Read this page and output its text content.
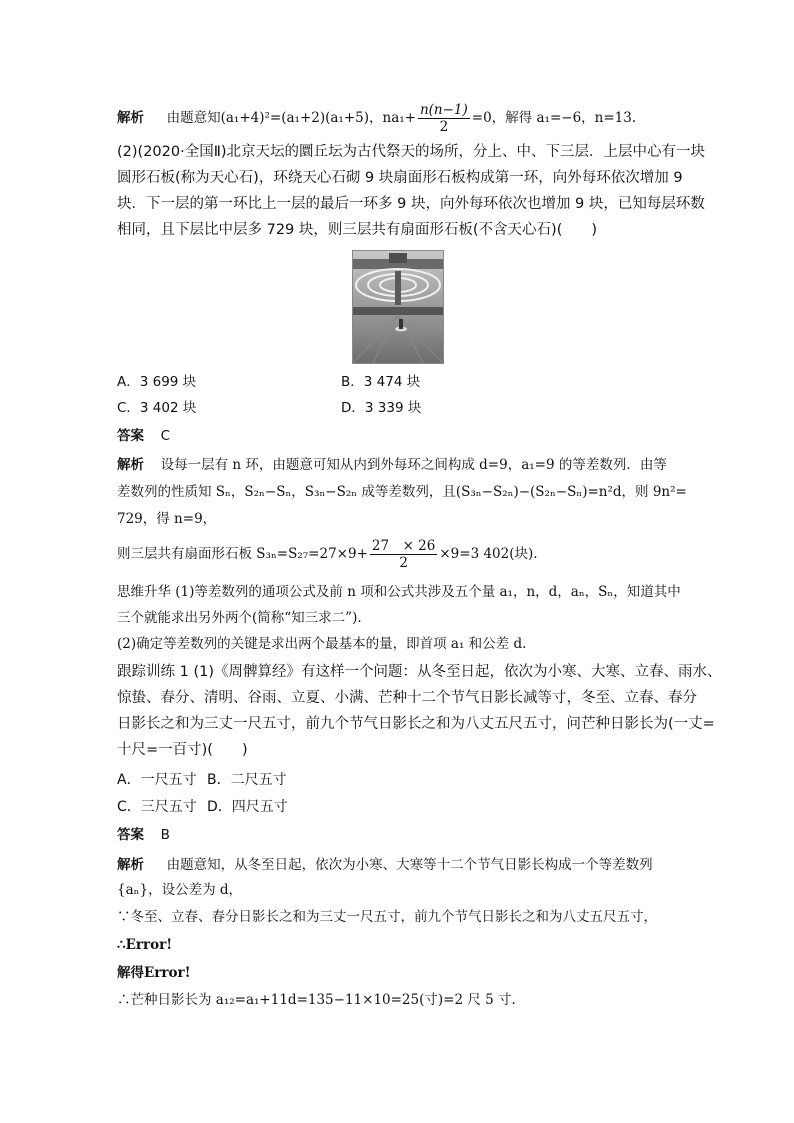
解析 由题意知(a₁+4)²=(a₁+2)(a₁+5)，$na_1+ \frac{n(n-1)}{2} =0$，解得 a₁=−6，n=13.
(2)(2020·全国Ⅱ)北京天坛的圜丘坛为古代祭天的场所，分上、中、下三层．上层中心有一块
圆形石板(称为天心石)，环绕天心石砌 9 块扇面形石板构成第一环，向外每环依次增加 9
块．下一层的第一环比上一层的最后一环多 9 块，向外每环依次也增加 9 块，已知每层环数
相同，且下层比中层多 729 块，则三层共有扇面形石板(不含天心石)(　　)
A．3 699 块	B．3 474 块
C．3 402 块	D．3 339 块
答案 C
解析 设每一层有 n 环，由题意可知从内到外每环之间构成 d=9，a₁=9 的等差数列．由等
差数列的性质知 Sₙ，S₂ₙ−Sₙ，S₃ₙ−S₂ₙ 成等差数列，且(S₃ₙ−S₂ₙ)−(S₂ₙ−Sₙ)=n²d，则 9n²=
729，得 n=9，
则三层共有扇面形石板 $S_{3n}=S_{27}=27\times 9+ \frac{27 \times 26}{2} \times 9=3$ 402(块).
思维升华 (1)等差数列的通项公式及前 n 项和公式共涉及五个量 a₁，n，d，aₙ，Sₙ，知道其中
三个就能求出另外两个(简称“知三求二”).
(2)确定等差数列的关键是求出两个最基本的量，即首项 a₁ 和公差 d.
跟踪训练 1 (1)《周髀算经》有这样一个问题：从冬至日起，依次为小寒、大寒、立春、雨水、
惊蛰、春分、清明、谷雨、立夏、小满、芒种十二个节气日影长减等寸，冬至、立春、春分
日影长之和为三丈一尺五寸，前九个节气日影长之和为八丈五尺五寸，问芒种日影长为(一丈=
十尺=一百寸)(　　)
A．一尺五寸 B．二尺五寸
C．三尺五寸 D．四尺五寸
答案 B
解析 由题意知，从冬至日起，依次为小寒、大寒等十二个节气日影长构成一个等差数列
{aₙ}，设公差为 d，
∵冬至、立春、春分日影长之和为三丈一尺五寸，前九个节气日影长之和为八丈五尺五寸，
∴Error!
解得Error!
∴芒种日影长为 a₁₂=a₁+11d=135−11×10=25(寸)=2 尺 5 寸.
